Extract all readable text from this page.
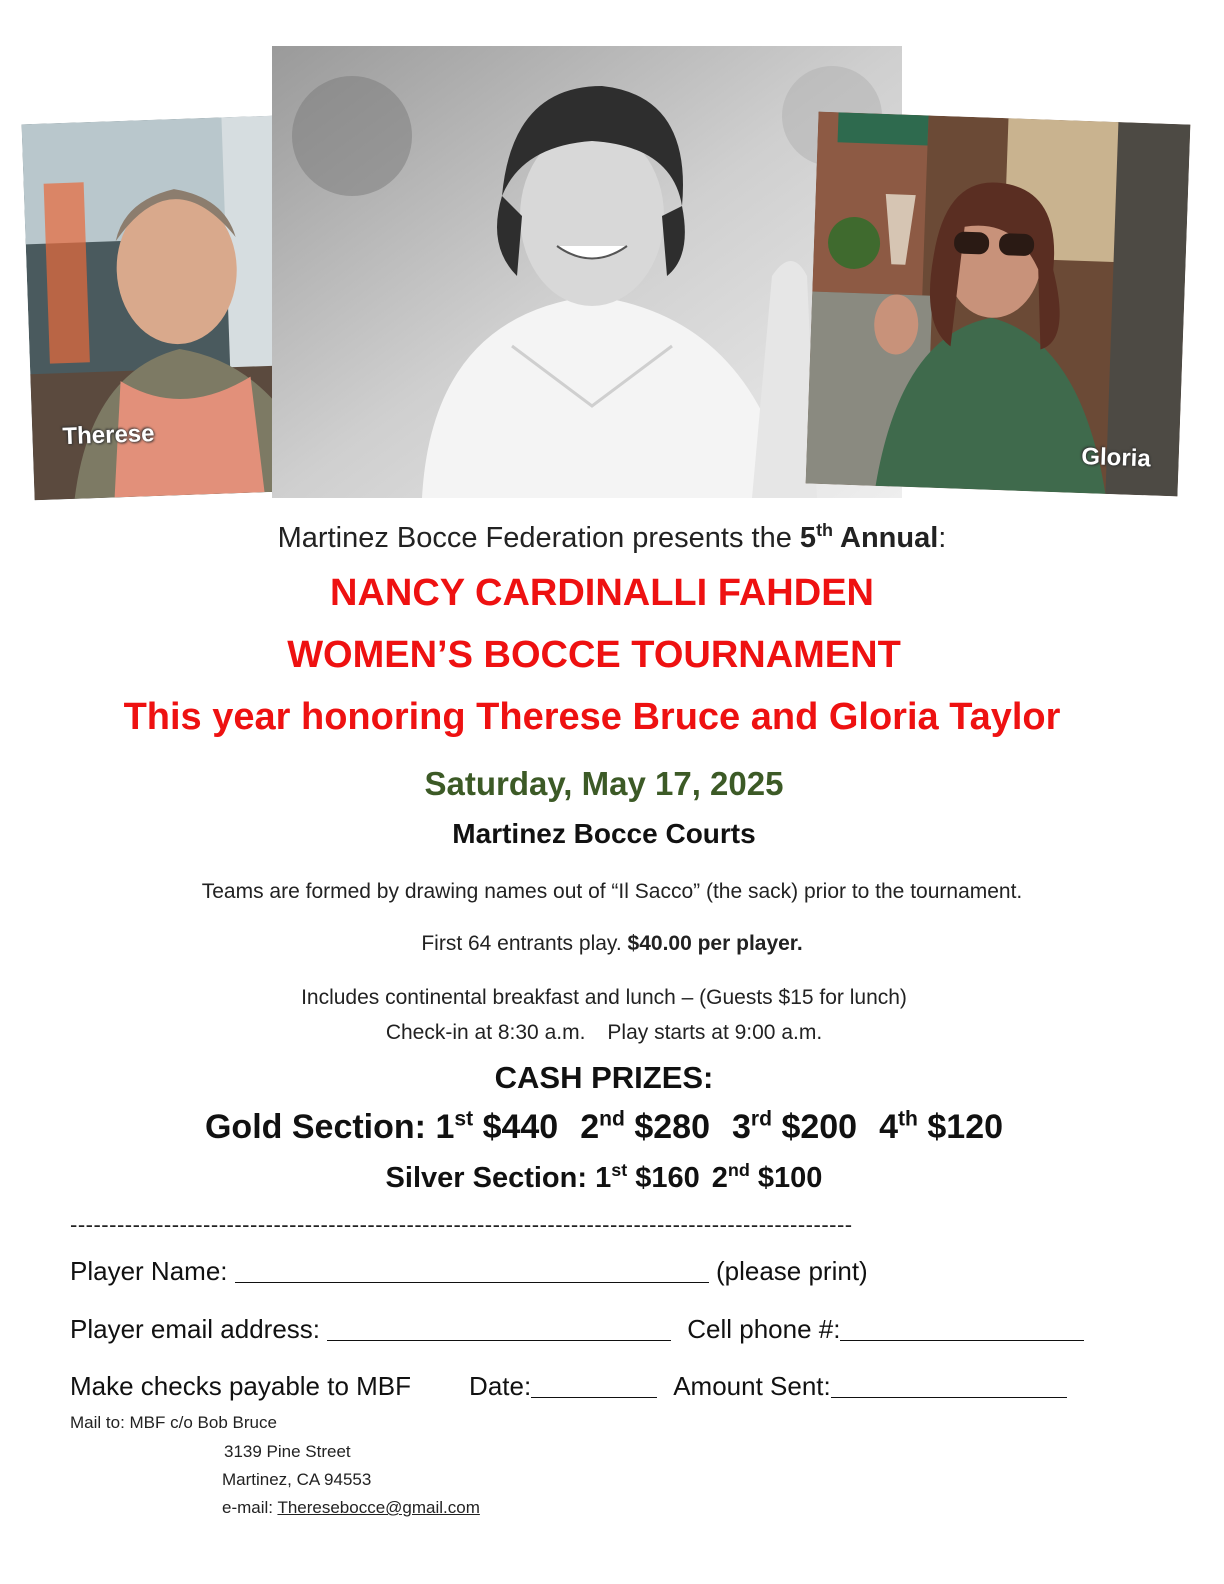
Therese
Gloria
Martinez Bocce Federation presents the 5th Annual:
NANCY CARDINALLI FAHDEN
WOMEN’S BOCCE TOURNAMENT
This year honoring Therese Bruce and Gloria Taylor
Saturday, May 17, 2025
Martinez Bocce Courts
Teams are formed by drawing names out of “Il Sacco” (the sack) prior to the tournament.
First 64 entrants play. $40.00 per player.
Includes continental breakfast and lunch – (Guests $15 for lunch)
Check-in at 8:30 a.m. Play starts at 9:00 a.m.
CASH PRIZES:
Gold Section: 1st $440 2nd $280 3rd $200 4th $120
Silver Section: 1st $160 2nd $100
----------------------------------------------------------------------------------------------------
Player Name:	(please print)
Player email address:	Cell phone #:
Make checks payable to MBF Date:	Amount Sent:
Mail to: MBF c/o Bob Bruce
3139 Pine Street
Martinez, CA 94553
e-mail: Theresebocce@gmail.com
